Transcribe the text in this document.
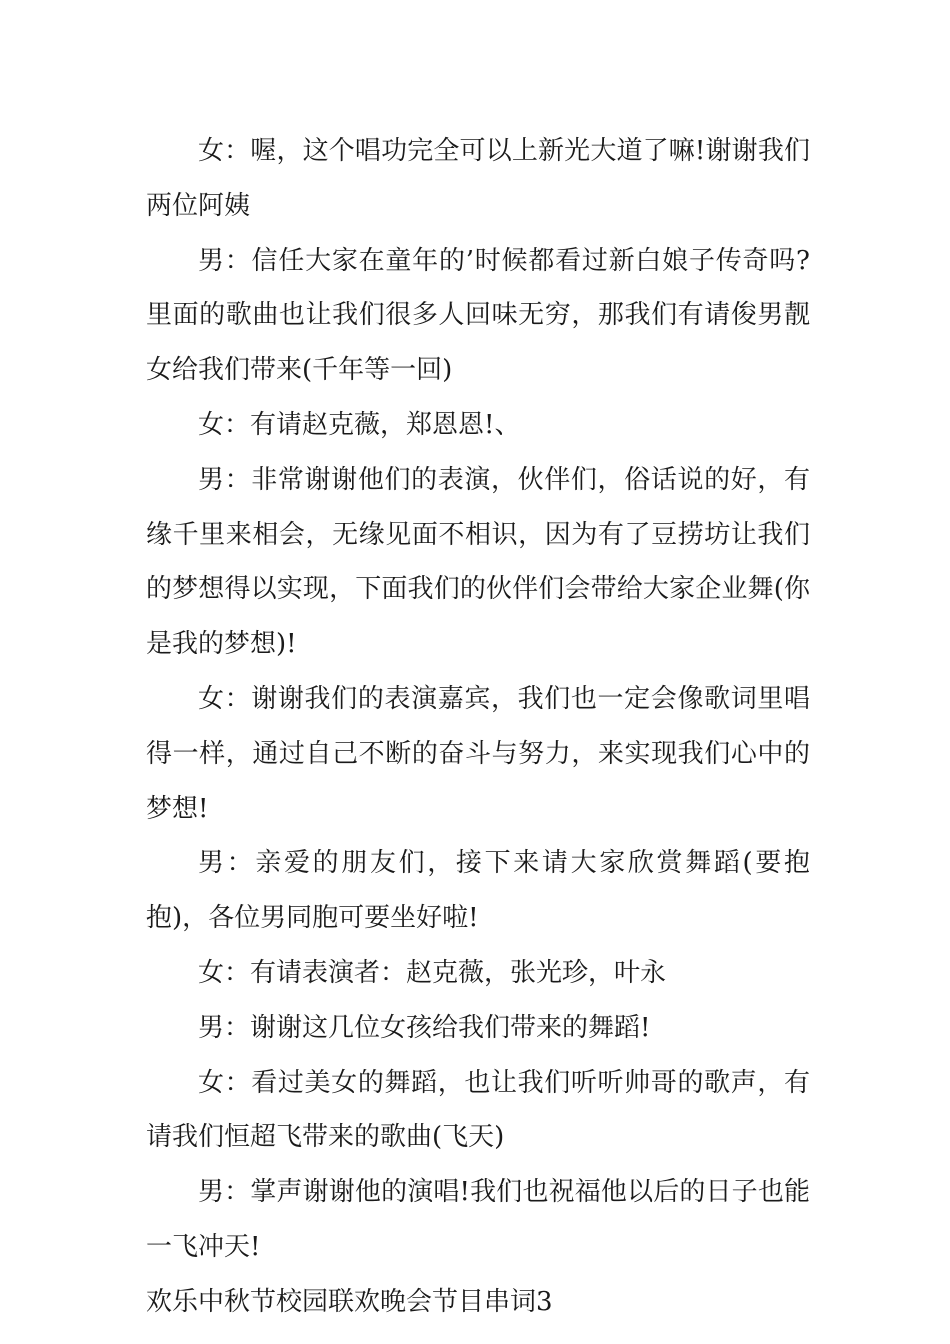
女：喔，这个唱功完全可以上新光大道了嘛!谢谢我们两位阿姨

男：信任大家在童年的’时候都看过新白娘子传奇吗?里面的歌曲也让我们很多人回味无穷，那我们有请俊男靓女给我们带来(千年等一回)

女：有请赵克薇，郑恩恩!、

男：非常谢谢他们的表演，伙伴们，俗话说的好，有缘千里来相会，无缘见面不相识，因为有了豆捞坊让我们的梦想得以实现，下面我们的伙伴们会带给大家企业舞(你是我的梦想)!

女：谢谢我们的表演嘉宾，我们也一定会像歌词里唱得一样，通过自己不断的奋斗与努力，来实现我们心中的梦想!

男：亲爱的朋友们，接下来请大家欣赏舞蹈(要抱抱)，各位男同胞可要坐好啦!

女：有请表演者：赵克薇，张光珍，叶永

男：谢谢这几位女孩给我们带来的舞蹈!

女：看过美女的舞蹈，也让我们听听帅哥的歌声，有请我们恒超飞带来的歌曲(飞天)

男：掌声谢谢他的演唱!我们也祝福他以后的日子也能一飞冲天!

欢乐中秋节校园联欢晚会节目串词3
